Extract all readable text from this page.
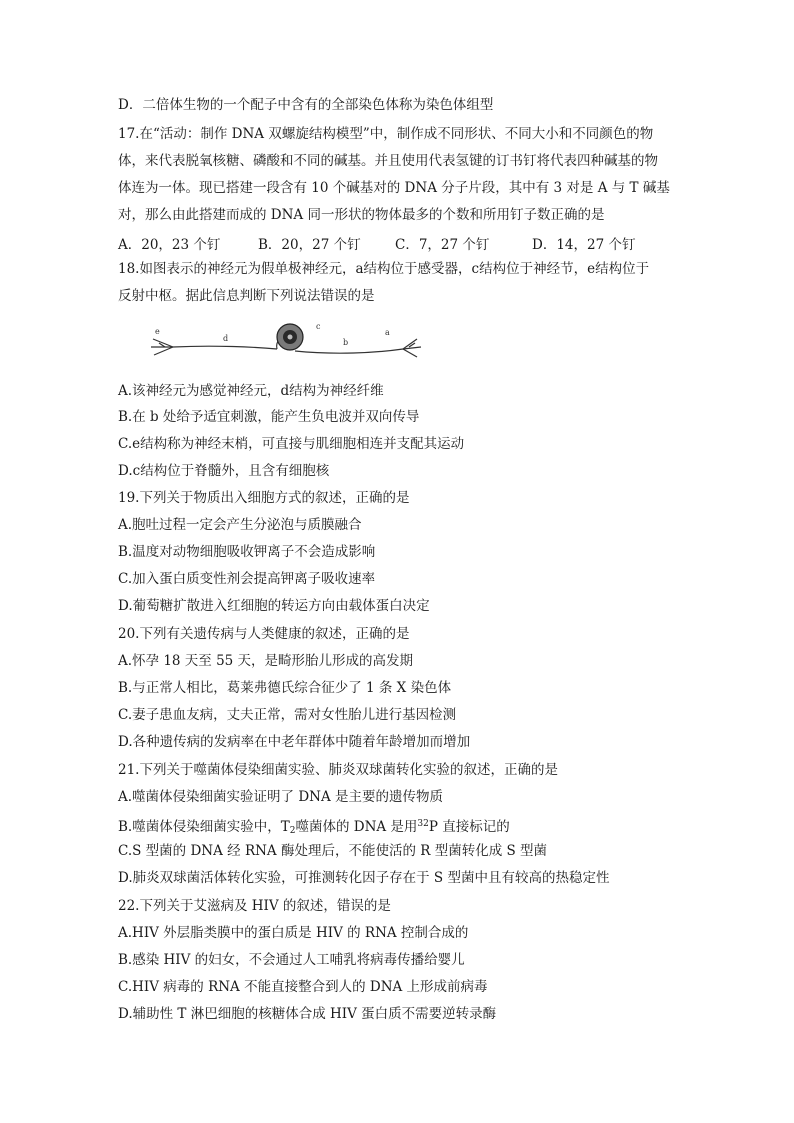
D．二倍体生物的一个配子中含有的全部染色体称为染色体组型
17.在“活动：制作 DNA 双螺旋结构模型”中，制作成不同形状、不同大小和不同颜色的物
体，来代表脱氧核糖、磷酸和不同的碱基。并且使用代表氢键的订书钉将代表四种碱基的物
体连为一体。现已搭建一段含有 10 个碱基对的 DNA 分子片段，其中有 3 对是 A 与 T 碱基
对，那么由此搭建而成的 DNA 同一形状的物体最多的个数和所用钉子数正确的是
A．20，23 个钉	B．20，27 个钉	C．7，27 个钉	D．14，27 个钉
18.如图表示的神经元为假单极神经元，a结构位于感受器，c结构位于神经节，e结构位于
反射中枢。据此信息判断下列说法错误的是
e
d
c
b
a
A.该神经元为感觉神经元，d结构为神经纤维
B.在 b 处给予适宜刺激，能产生负电波并双向传导
C.e结构称为神经末梢，可直接与肌细胞相连并支配其运动
D.c结构位于脊髓外，且含有细胞核
19.下列关于物质出入细胞方式的叙述，正确的是
A.胞吐过程一定会产生分泌泡与质膜融合
B.温度对动物细胞吸收钾离子不会造成影响
C.加入蛋白质变性剂会提高钾离子吸收速率
D.葡萄糖扩散进入红细胞的转运方向由载体蛋白决定
20.下列有关遗传病与人类健康的叙述，正确的是
A.怀孕 18 天至 55 天，是畸形胎儿形成的高发期
B.与正常人相比，葛莱弗德氏综合征少了 1 条 X 染色体
C.妻子患血友病，丈夫正常，需对女性胎儿进行基因检测
D.各种遗传病的发病率在中老年群体中随着年龄增加而增加
21.下列关于噬菌体侵染细菌实验、肺炎双球菌转化实验的叙述，正确的是
A.噬菌体侵染细菌实验证明了 DNA 是主要的遗传物质
B.噬菌体侵染细菌实验中，$T_2$噬菌体的 DNA 是用$^{32}$P 直接标记的
C.S 型菌的 DNA 经 RNA 酶处理后，不能使活的 R 型菌转化成 S 型菌
D.肺炎双球菌活体转化实验，可推测转化因子存在于 S 型菌中且有较高的热稳定性
22.下列关于艾滋病及 HIV 的叙述，错误的是
A.HIV 外层脂类膜中的蛋白质是 HIV 的 RNA 控制合成的
B.感染 HIV 的妇女，不会通过人工哺乳将病毒传播给婴儿
C.HIV 病毒的 RNA 不能直接整合到人的 DNA 上形成前病毒
D.辅助性 T 淋巴细胞的核糖体合成 HIV 蛋白质不需要逆转录酶
